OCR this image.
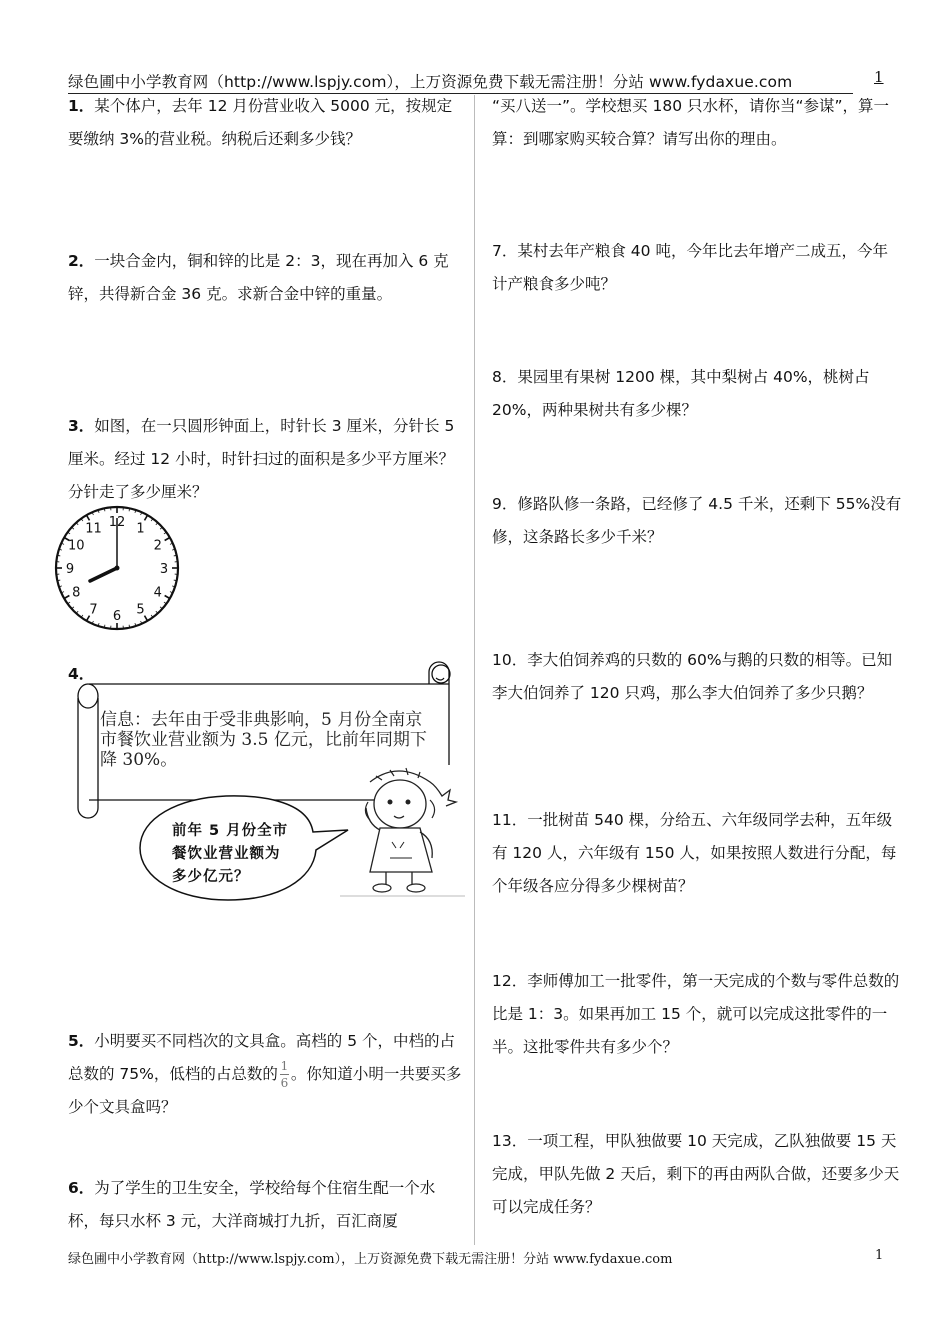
绿色圃中小学教育网（http://www.lspjy.com），上万资源免费下载无需注册！分站 www.fydaxue.com	1
1．某个体户，去年 12 月份营业收入 5000 元，按规定要缴纳 3%的营业税。纳税后还剩多少钱？
2．一块合金内，铜和锌的比是 2：3，现在再加入 6 克锌，共得新合金 36 克。求新合金中锌的重量。
3．如图，在一只圆形钟面上，时针长 3 厘米，分针长 5 厘米。经过 12 小时，时针扫过的面积是多少平方厘米？分针走了多少厘米？
12 1
2
3
4
5
6
7
8
9
10
11
4．
信息：去年由于受非典影响，5 月份全南京市餐饮业营业额为 3.5 亿元，比前年同期下降 30%。
前年 5 月份全市餐饮业营业额为多少亿元？
5．小明要买不同档次的文具盒。高档的 5 个，中档的占总数的 75%，低档的占总数的 $\frac{1}{6}$ 。你知道小明一共要买多少个文具盒吗？
6．为了学生的卫生安全，学校给每个住宿生配一个水杯，每只水杯 3 元，大洋商城打九折，百汇商厦
“买八送一”。学校想买 180 只水杯，请你当“参谋”，算一算：到哪家购买较合算？请写出你的理由。
7．某村去年产粮食 40 吨，今年比去年增产二成五，今年计产粮食多少吨？
8．果园里有果树 1200 棵，其中梨树占 40%，桃树占 20%，两种果树共有多少棵？
9．修路队修一条路，已经修了 4.5 千米，还剩下 55%没有修，这条路长多少千米？
10．李大伯饲养鸡的只数的 60%与鹅的只数的相等。已知李大伯饲养了 120 只鸡，那么李大伯饲养了多少只鹅？
11．一批树苗 540 棵，分给五、六年级同学去种，五年级有 120 人，六年级有 150 人，如果按照人数进行分配，每个年级各应分得多少棵树苗？
12．李师傅加工一批零件，第一天完成的个数与零件总数的比是 1：3。如果再加工 15 个，就可以完成这批零件的一半。这批零件共有多少个？
13．一项工程，甲队独做要 10 天完成，乙队独做要 15 天完成，甲队先做 2 天后，剩下的再由两队合做，还要多少天可以完成任务？
绿色圃中小学教育网（http://www.lspjy.com），上万资源免费下载无需注册！分站 www.fydaxue.com	1
